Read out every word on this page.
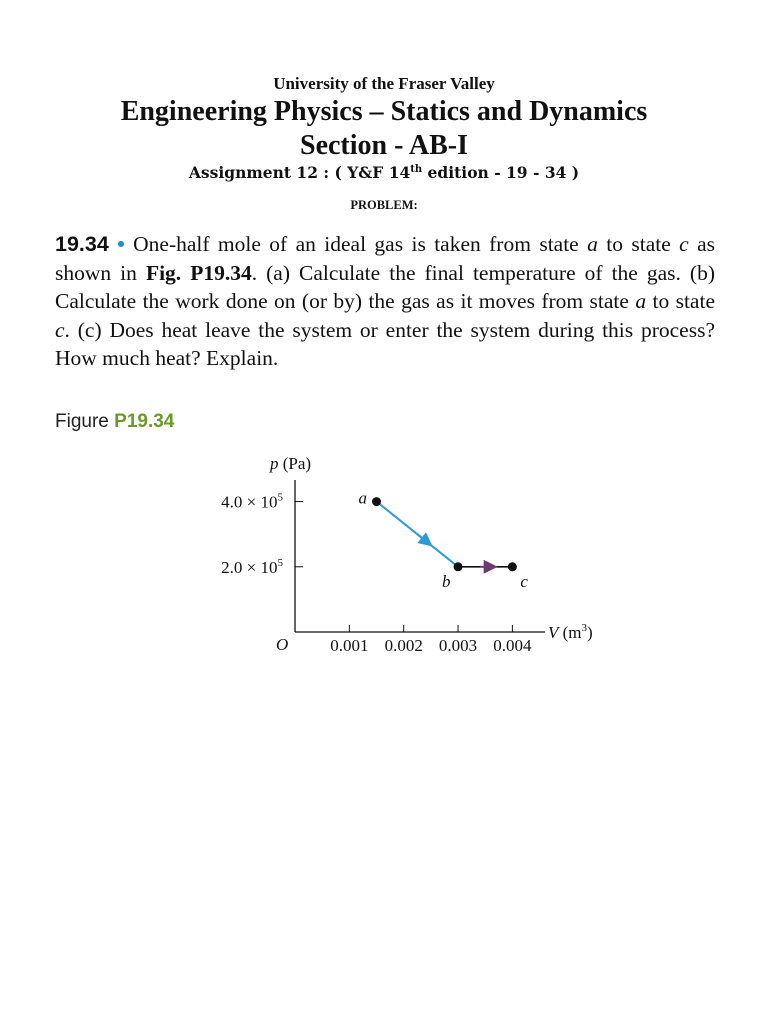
University of the Fraser Valley
Engineering Physics – Statics and Dynamics
Section - AB-I
Assignment 12 : ( Y&F 14th edition - 19 - 34 )
PROBLEM:
19.34 • One-half mole of an ideal gas is taken from state a to state c as shown in Fig. P19.34. (a) Calculate the final temperature of the gas. (b) Calculate the work done on (or by) the gas as it moves from state a to state c. (c) Does heat leave the system or enter the system during this process? How much heat? Explain.
Figure P19.34
p (Pa)
O
V $(m^3)$
0.001 0.002 0.003 0.004
$4.0 \times 10^5$
$2.0 \times 10^5$
a
b	c
